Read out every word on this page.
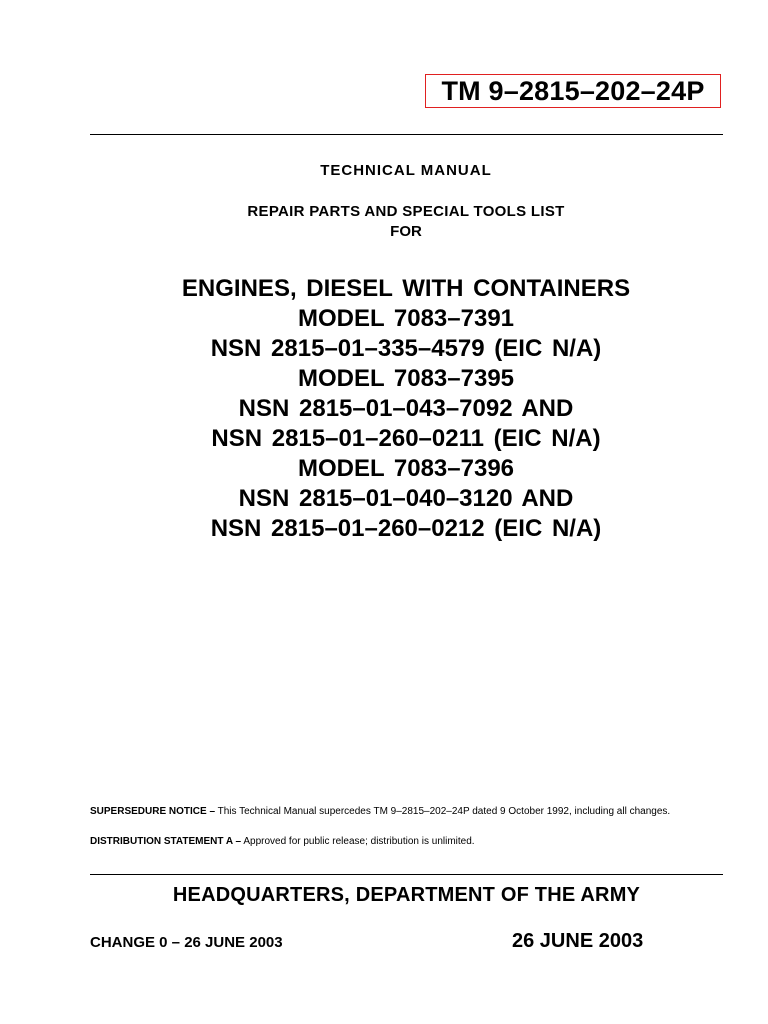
TM 9–2815–202–24P
TECHNICAL MANUAL
REPAIR PARTS AND SPECIAL TOOLS LIST
FOR
ENGINES, DIESEL WITH CONTAINERS
MODEL 7083–7391
NSN 2815–01–335–4579 (EIC N/A)
MODEL 7083–7395
NSN 2815–01–043–7092 AND
NSN 2815–01–260–0211 (EIC N/A)
MODEL 7083–7396
NSN 2815–01–040–3120 AND
NSN 2815–01–260–0212 (EIC N/A)
SUPERSEDURE NOTICE – This Technical Manual supercedes TM 9–2815–202–24P dated 9 October 1992, including all changes.
DISTRIBUTION STATEMENT A – Approved for public release; distribution is unlimited.
HEADQUARTERS, DEPARTMENT OF THE ARMY
CHANGE 0 – 26 JUNE 2003	26 JUNE 2003
